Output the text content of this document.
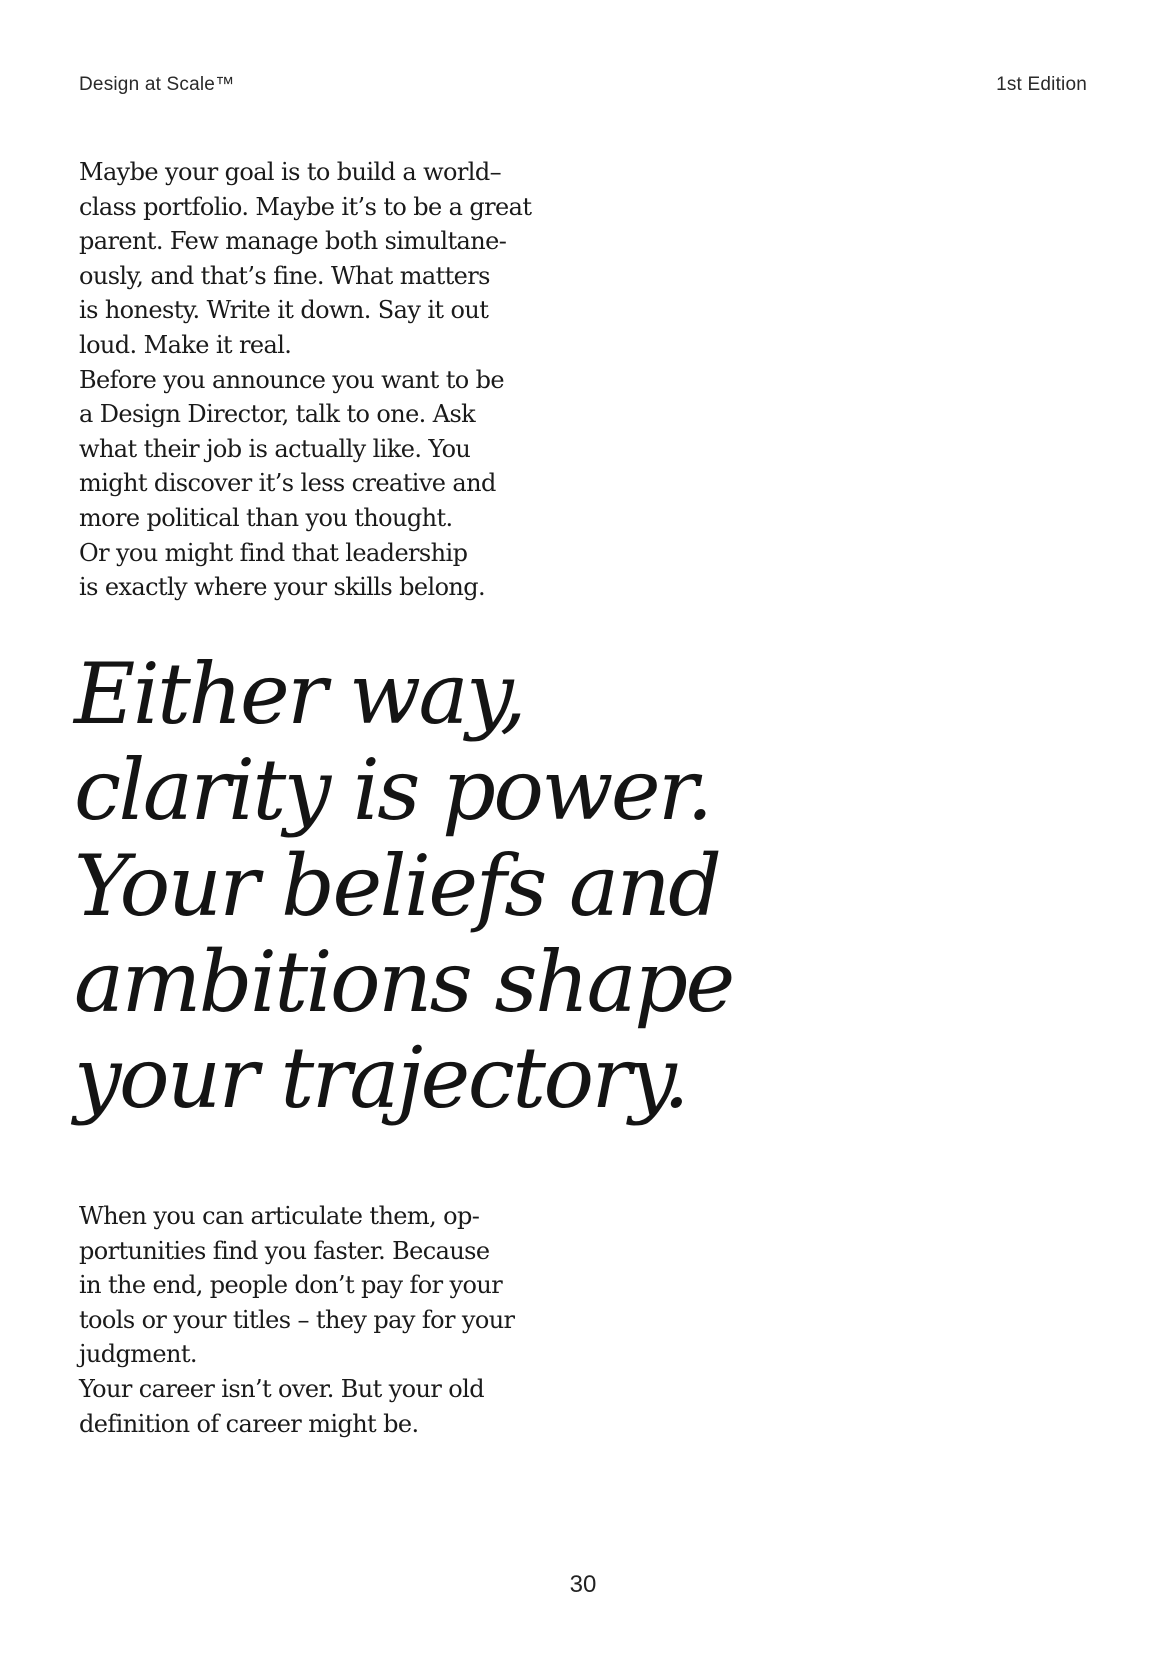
Design at Scale™	1st Edition
Maybe your goal is to build a world–
class portfolio. Maybe it’s to be a great
parent. Few manage both simultane-
ously, and that’s fine. What matters
is honesty. Write it down. Say it out
loud. Make it real.
Before you announce you want to be
a Design Director, talk to one. Ask
what their job is actually like. You
might discover it’s less creative and
more political than you thought.
Or you might find that leadership
is exactly where your skills belong.
Either way,
clarity is power.
Your beliefs and
ambitions shape
your trajectory.
When you can articulate them, op-
portunities find you faster. Because
in the end, people don’t pay for your
tools or your titles – they pay for your
judgment.
Your career isn’t over. But your old
definition of career might be.
30
